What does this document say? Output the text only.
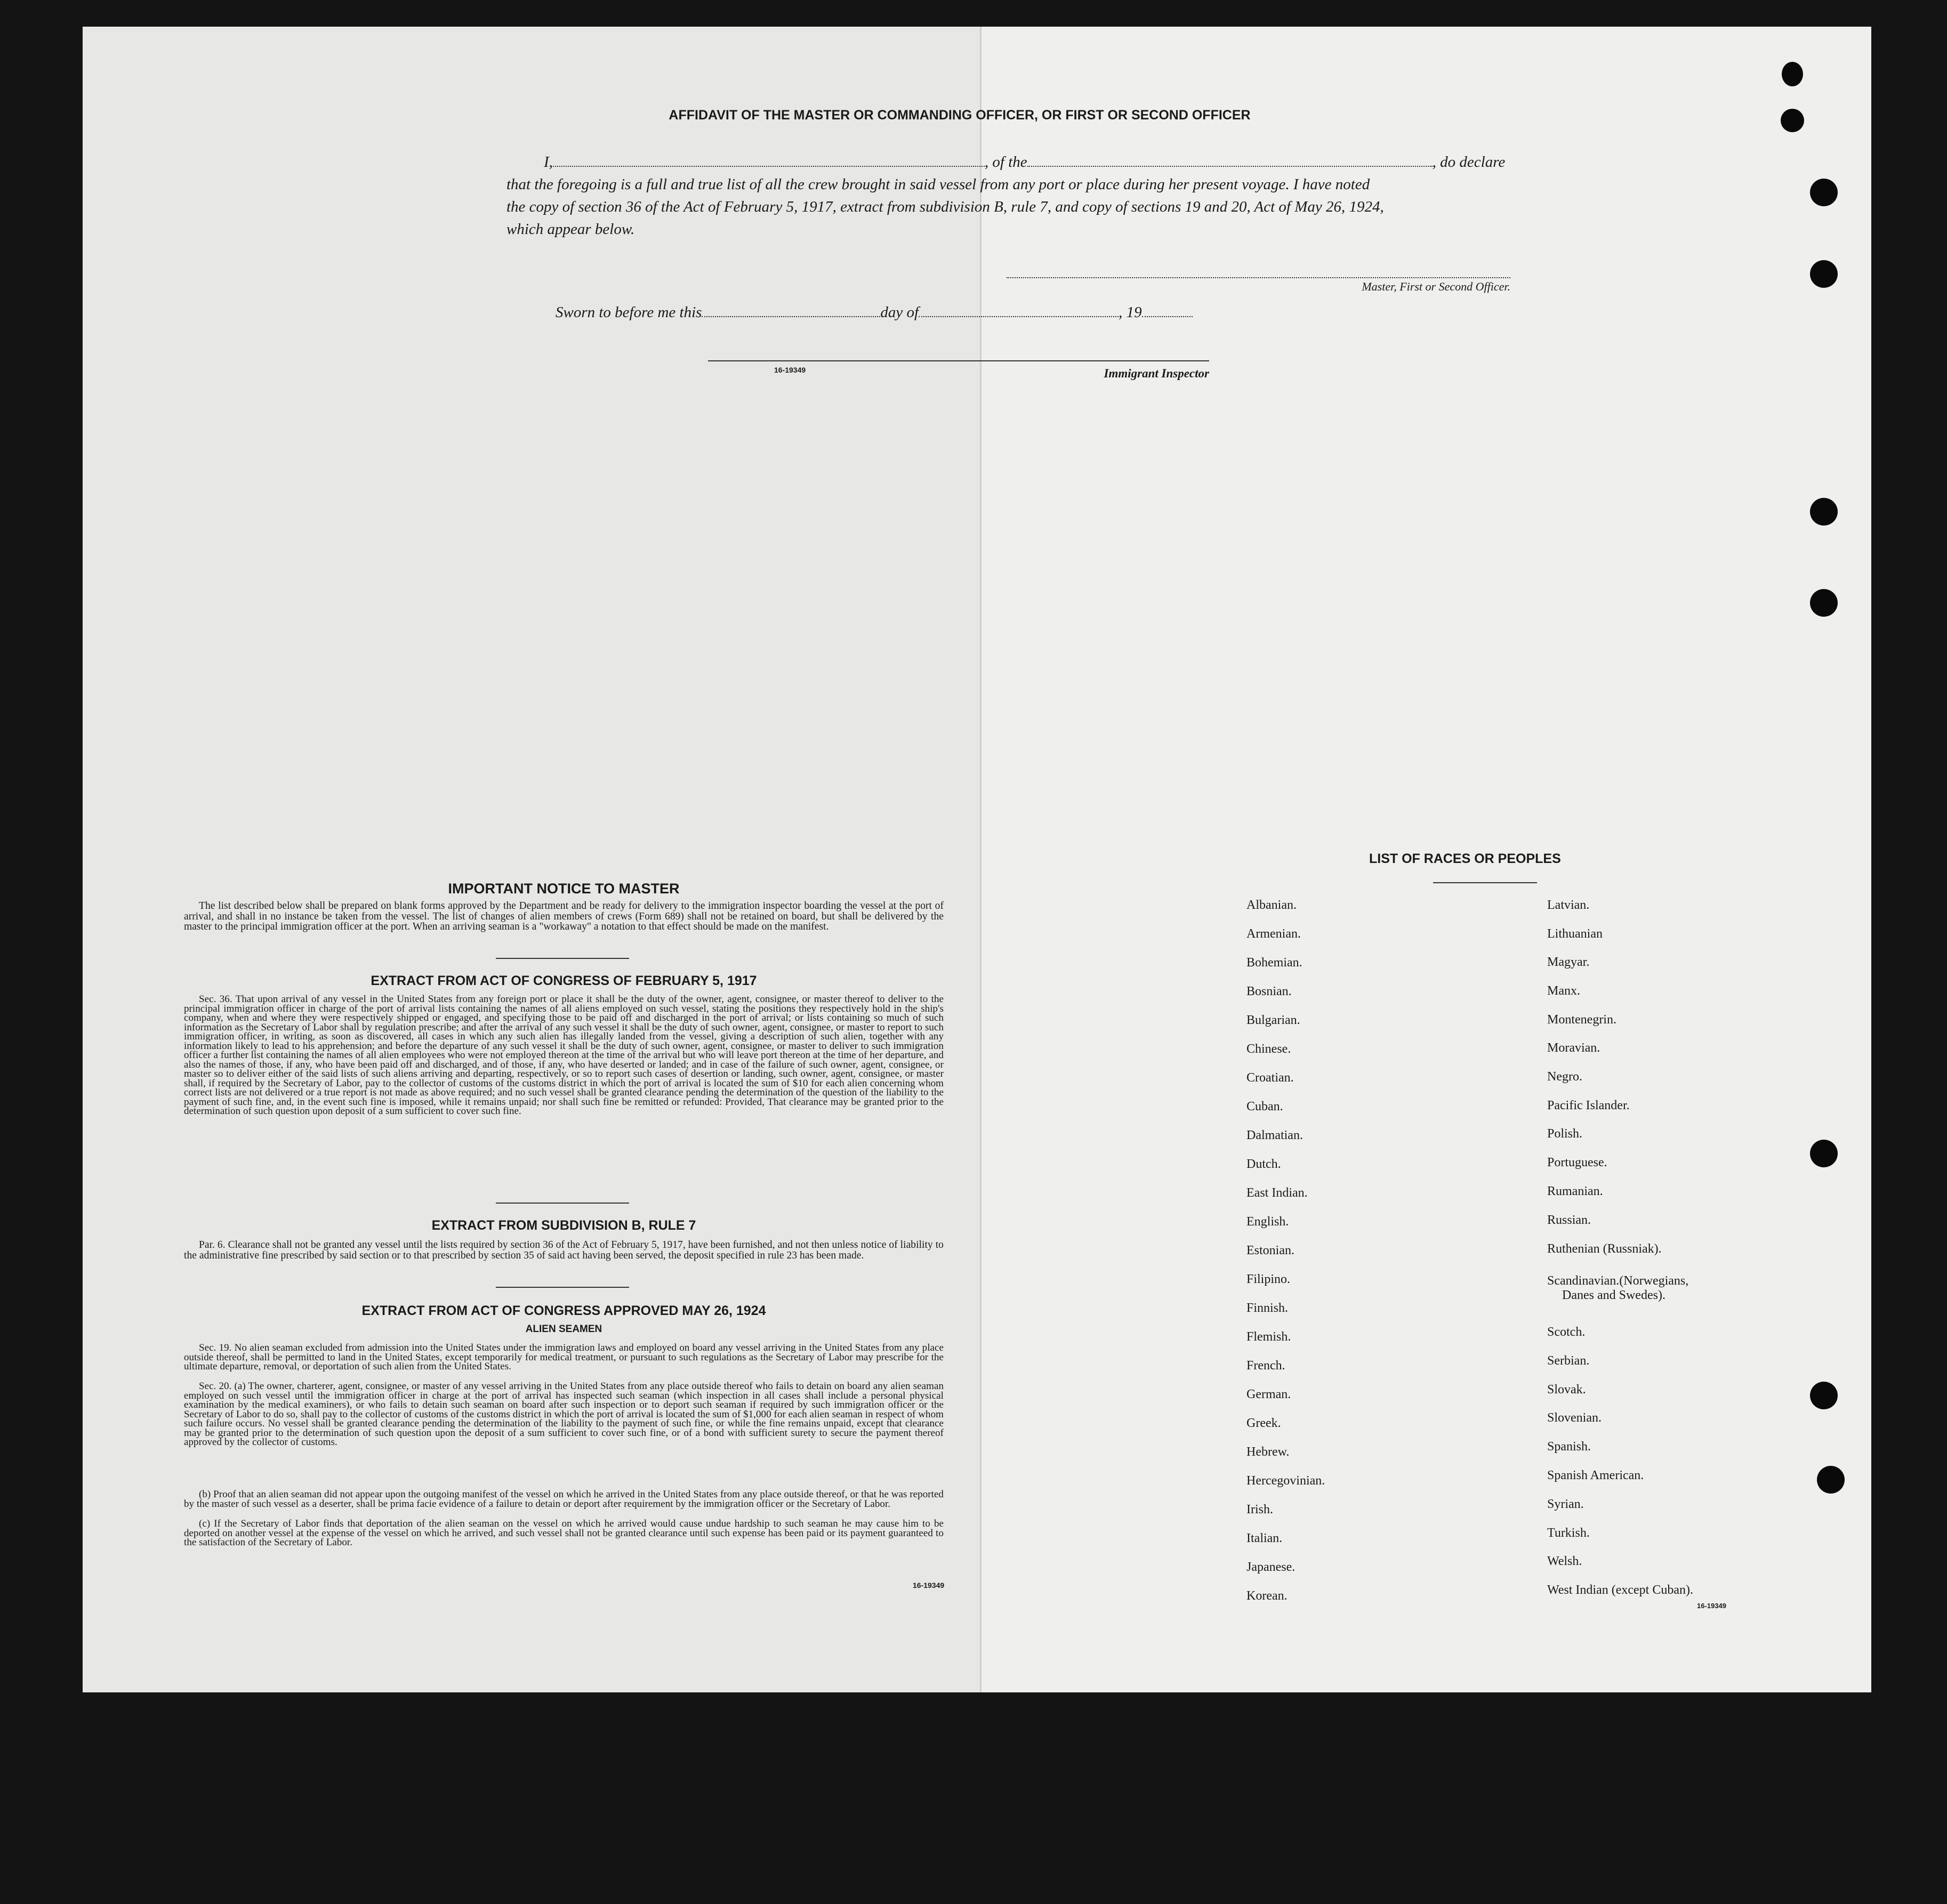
AFFIDAVIT OF THE MASTER OR COMMANDING OFFICER, OR FIRST OR SECOND OFFICER
I,	, of the	, do declare
that the foregoing is a full and true list of all the crew brought in said vessel from any port or place during her present voyage. I have noted
the copy of section 36 of the Act of February 5, 1917, extract from subdivision B, rule 7, and copy of sections 19 and 20, Act of May 26, 1924,
which appear below.
Master, First or Second Officer.
Sworn to before me this	day of	, 19
16-19349	Immigrant Inspector
IMPORTANT NOTICE TO MASTER
The list described below shall be prepared on blank forms approved by the Department and be ready for delivery to the immigration inspector boarding the vessel at the port of arrival, and shall in no instance be taken from the vessel. The list of changes of alien members of crews (Form 689) shall not be retained on board, but shall be delivered by the master to the principal immigration officer at the port. When an arriving seaman is a "workaway" a notation to that effect should be made on the manifest.
EXTRACT FROM ACT OF CONGRESS OF FEBRUARY 5, 1917
Sec. 36. That upon arrival of any vessel in the United States from any foreign port or place it shall be the duty of the owner, agent, consignee, or master thereof to deliver to the principal immigration officer in charge of the port of arrival lists containing the names of all aliens employed on such vessel, stating the positions they respectively hold in the ship's company, when and where they were respectively shipped or engaged, and specifying those to be paid off and discharged in the port of arrival; or lists containing so much of such information as the Secretary of Labor shall by regulation prescribe; and after the arrival of any such vessel it shall be the duty of such owner, agent, consignee, or master to report to such immigration officer, in writing, as soon as discovered, all cases in which any such alien has illegally landed from the vessel, giving a description of such alien, together with any information likely to lead to his apprehension; and before the departure of any such vessel it shall be the duty of such owner, agent, consignee, or master to deliver to such immigration officer a further list containing the names of all alien employees who were not employed thereon at the time of the arrival but who will leave port thereon at the time of her departure, and also the names of those, if any, who have been paid off and discharged, and of those, if any, who have deserted or landed; and in case of the failure of such owner, agent, consignee, or master so to deliver either of the said lists of such aliens arriving and departing, respectively, or so to report such cases of desertion or landing, such owner, agent, consignee, or master shall, if required by the Secretary of Labor, pay to the collector of customs of the customs district in which the port of arrival is located the sum of $10 for each alien concerning whom correct lists are not delivered or a true report is not made as above required; and no such vessel shall be granted clearance pending the determination of the question of the liability to the payment of such fine, and, in the event such fine is imposed, while it remains unpaid; nor shall such fine be remitted or refunded: Provided, That clearance may be granted prior to the determination of such question upon deposit of a sum sufficient to cover such fine.
EXTRACT FROM SUBDIVISION B, RULE 7
Par. 6. Clearance shall not be granted any vessel until the lists required by section 36 of the Act of February 5, 1917, have been furnished, and not then unless notice of liability to the administrative fine prescribed by said section or to that prescribed by section 35 of said act having been served, the deposit specified in rule 23 has been made.
EXTRACT FROM ACT OF CONGRESS APPROVED MAY 26, 1924
ALIEN SEAMEN
Sec. 19. No alien seaman excluded from admission into the United States under the immigration laws and employed on board any vessel arriving in the United States from any place outside thereof, shall be permitted to land in the United States, except temporarily for medical treatment, or pursuant to such regulations as the Secretary of Labor may prescribe for the ultimate departure, removal, or deportation of such alien from the United States.
Sec. 20. (a) The owner, charterer, agent, consignee, or master of any vessel arriving in the United States from any place outside thereof who fails to detain on board any alien seaman employed on such vessel until the immigration officer in charge at the port of arrival has inspected such seaman (which inspection in all cases shall include a personal physical examination by the medical examiners), or who fails to detain such seaman on board after such inspection or to deport such seaman if required by such immigration officer or the Secretary of Labor to do so, shall pay to the collector of customs of the customs district in which the port of arrival is located the sum of $1,000 for each alien seaman in respect of whom such failure occurs. No vessel shall be granted clearance pending the determination of the liability to the payment of such fine, or while the fine remains unpaid, except that clearance may be granted prior to the determination of such question upon the deposit of a sum sufficient to cover such fine, or of a bond with sufficient surety to secure the payment thereof approved by the collector of customs.
(b) Proof that an alien seaman did not appear upon the outgoing manifest of the vessel on which he arrived in the United States from any place outside thereof, or that he was reported by the master of such vessel as a deserter, shall be prima facie evidence of a failure to detain or deport after requirement by the immigration officer or the Secretary of Labor.
(c) If the Secretary of Labor finds that deportation of the alien seaman on the vessel on which he arrived would cause undue hardship to such seaman he may cause him to be deported on another vessel at the expense of the vessel on which he arrived, and such vessel shall not be granted clearance until such expense has been paid or its payment guaranteed to the satisfaction of the Secretary of Labor.
16-19349
LIST OF RACES OR PEOPLES
Albanian.
Armenian.
Bohemian.
Bosnian.
Bulgarian.
Chinese.
Croatian.
Cuban.
Dalmatian.
Dutch.
East Indian.
English.
Estonian.
Filipino.
Finnish.
Flemish.
French.
German.
Greek.
Hebrew.
Hercegovinian.
Irish.
Italian.
Japanese.
Korean.
Latvian.
Lithuanian
Magyar.
Manx.
Montenegrin.
Moravian.
Negro.
Pacific Islander.
Polish.
Portuguese.
Rumanian.
Russian.
Ruthenian (Russniak).
Scandinavian.(Norwegians,
Danes and Swedes).
Scotch.
Serbian.
Slovak.
Slovenian.
Spanish.
Spanish American.
Syrian.
Turkish.
Welsh.
West Indian (except Cuban).
16-19349
